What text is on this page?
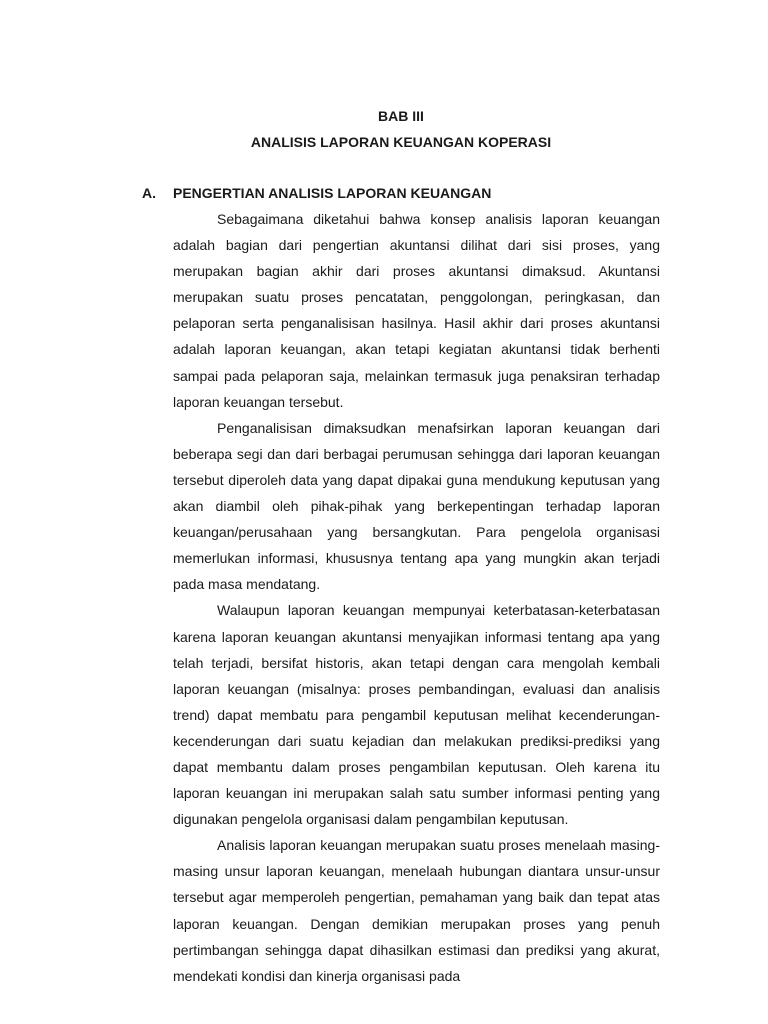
BAB III
ANALISIS LAPORAN KEUANGAN KOPERASI
A. PENGERTIAN ANALISIS LAPORAN KEUANGAN

Sebagaimana diketahui bahwa konsep analisis laporan keuangan adalah bagian dari pengertian akuntansi dilihat dari sisi proses, yang merupakan bagian akhir dari proses akuntansi dimaksud. Akuntansi merupakan suatu proses pencatatan, penggolongan, peringkasan, dan pelaporan serta penganalisisan hasilnya. Hasil akhir dari proses akuntansi adalah laporan keuangan, akan tetapi kegiatan akuntansi tidak berhenti sampai pada pelaporan saja, melainkan termasuk juga penaksiran terhadap laporan keuangan tersebut.

Penganalisisan dimaksudkan menafsirkan laporan keuangan dari beberapa segi dan dari berbagai perumusan sehingga dari laporan keuangan tersebut diperoleh data yang dapat dipakai guna mendukung keputusan yang akan diambil oleh pihak-pihak yang berkepentingan terhadap laporan keuangan/perusahaan yang bersangkutan. Para pengelola organisasi memerlukan informasi, khususnya tentang apa yang mungkin akan terjadi pada masa mendatang.

Walaupun laporan keuangan mempunyai keterbatasan-keterbatasan karena laporan keuangan akuntansi menyajikan informasi tentang apa yang telah terjadi, bersifat historis, akan tetapi dengan cara mengolah kembali laporan keuangan (misalnya: proses pembandingan, evaluasi dan analisis trend) dapat membatu para pengambil keputusan melihat kecenderungan-kecenderungan dari suatu kejadian dan melakukan prediksi-prediksi yang dapat membantu dalam proses pengambilan keputusan. Oleh karena itu laporan keuangan ini merupakan salah satu sumber informasi penting yang digunakan pengelola organisasi dalam pengambilan keputusan.

Analisis laporan keuangan merupakan suatu proses menelaah masing-masing unsur laporan keuangan, menelaah hubungan diantara unsur-unsur tersebut agar memperoleh pengertian, pemahaman yang baik dan tepat atas laporan keuangan. Dengan demikian merupakan proses yang penuh pertimbangan sehingga dapat dihasilkan estimasi dan prediksi yang akurat, mendekati kondisi dan kinerja organisasi pada
